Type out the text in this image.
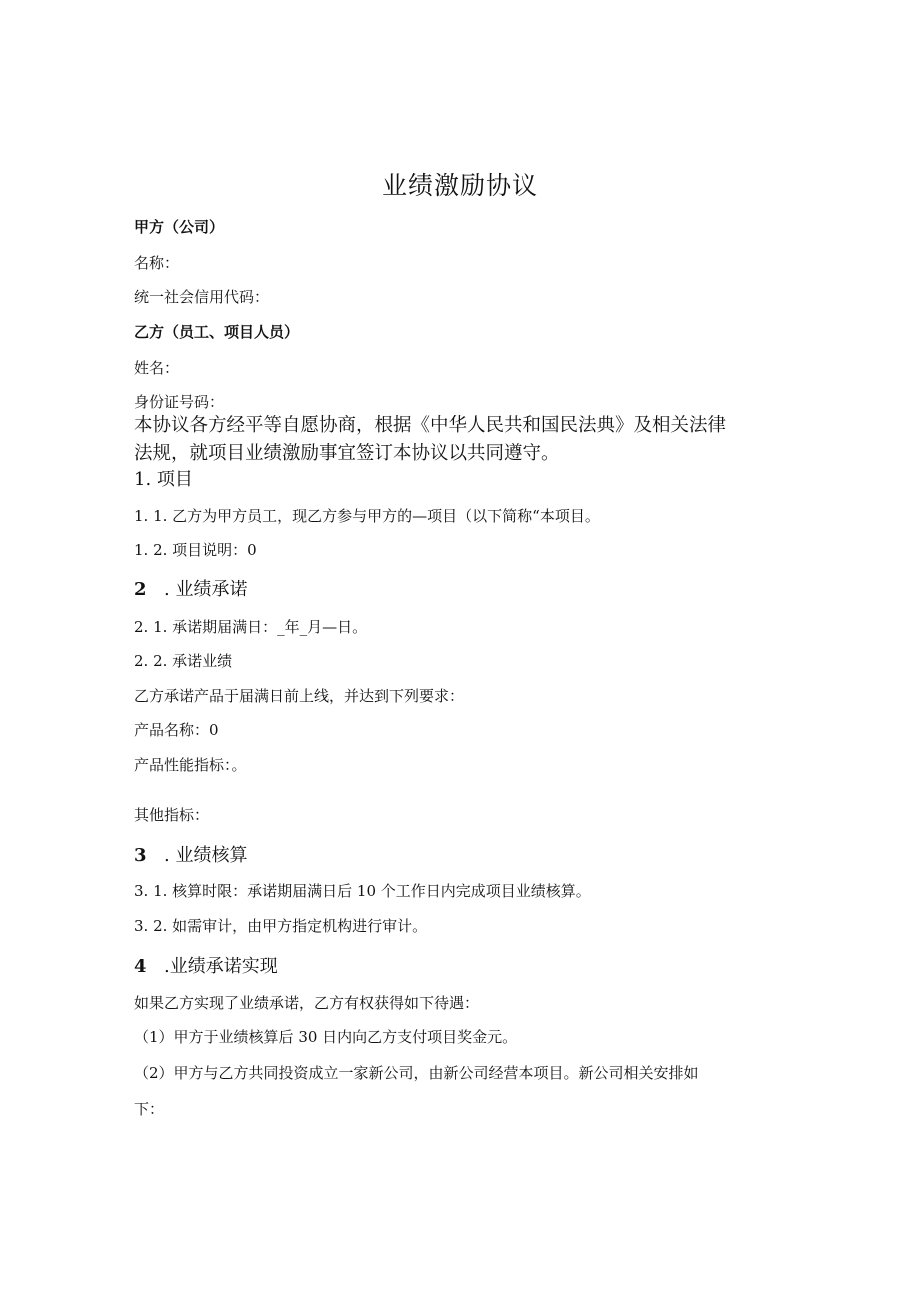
业绩激励协议
甲方（公司）
名称：
统一社会信用代码：
乙方（员工、项目人员）
姓名：
身份证号码：
本协议各方经平等自愿协商，根据《中华人民共和国民法典》及相关法律
法规，就项目业绩激励事宜签订本协议以共同遵守。
1. 项目
1. 1. 乙方为甲方员工，现乙方参与甲方的—项目（以下简称“本项目。
1. 2. 项目说明：0
2 . 业绩承诺
2. 1. 承诺期届满日：_年_月—日。
2. 2. 承诺业绩
乙方承诺产品于届满日前上线，并达到下列要求：
产品名称：0
产品性能指标：。
其他指标：
3 . 业绩核算
3. 1. 核算时限：承诺期届满日后 10 个工作日内完成项目业绩核算。
3. 2. 如需审计，由甲方指定机构进行审计。
4 .业绩承诺实现
如果乙方实现了业绩承诺，乙方有权获得如下待遇：
（1）甲方于业绩核算后 30 日内向乙方支付项目奖金元。
（2）甲方与乙方共同投资成立一家新公司，由新公司经营本项目。新公司相关安排如
下：
